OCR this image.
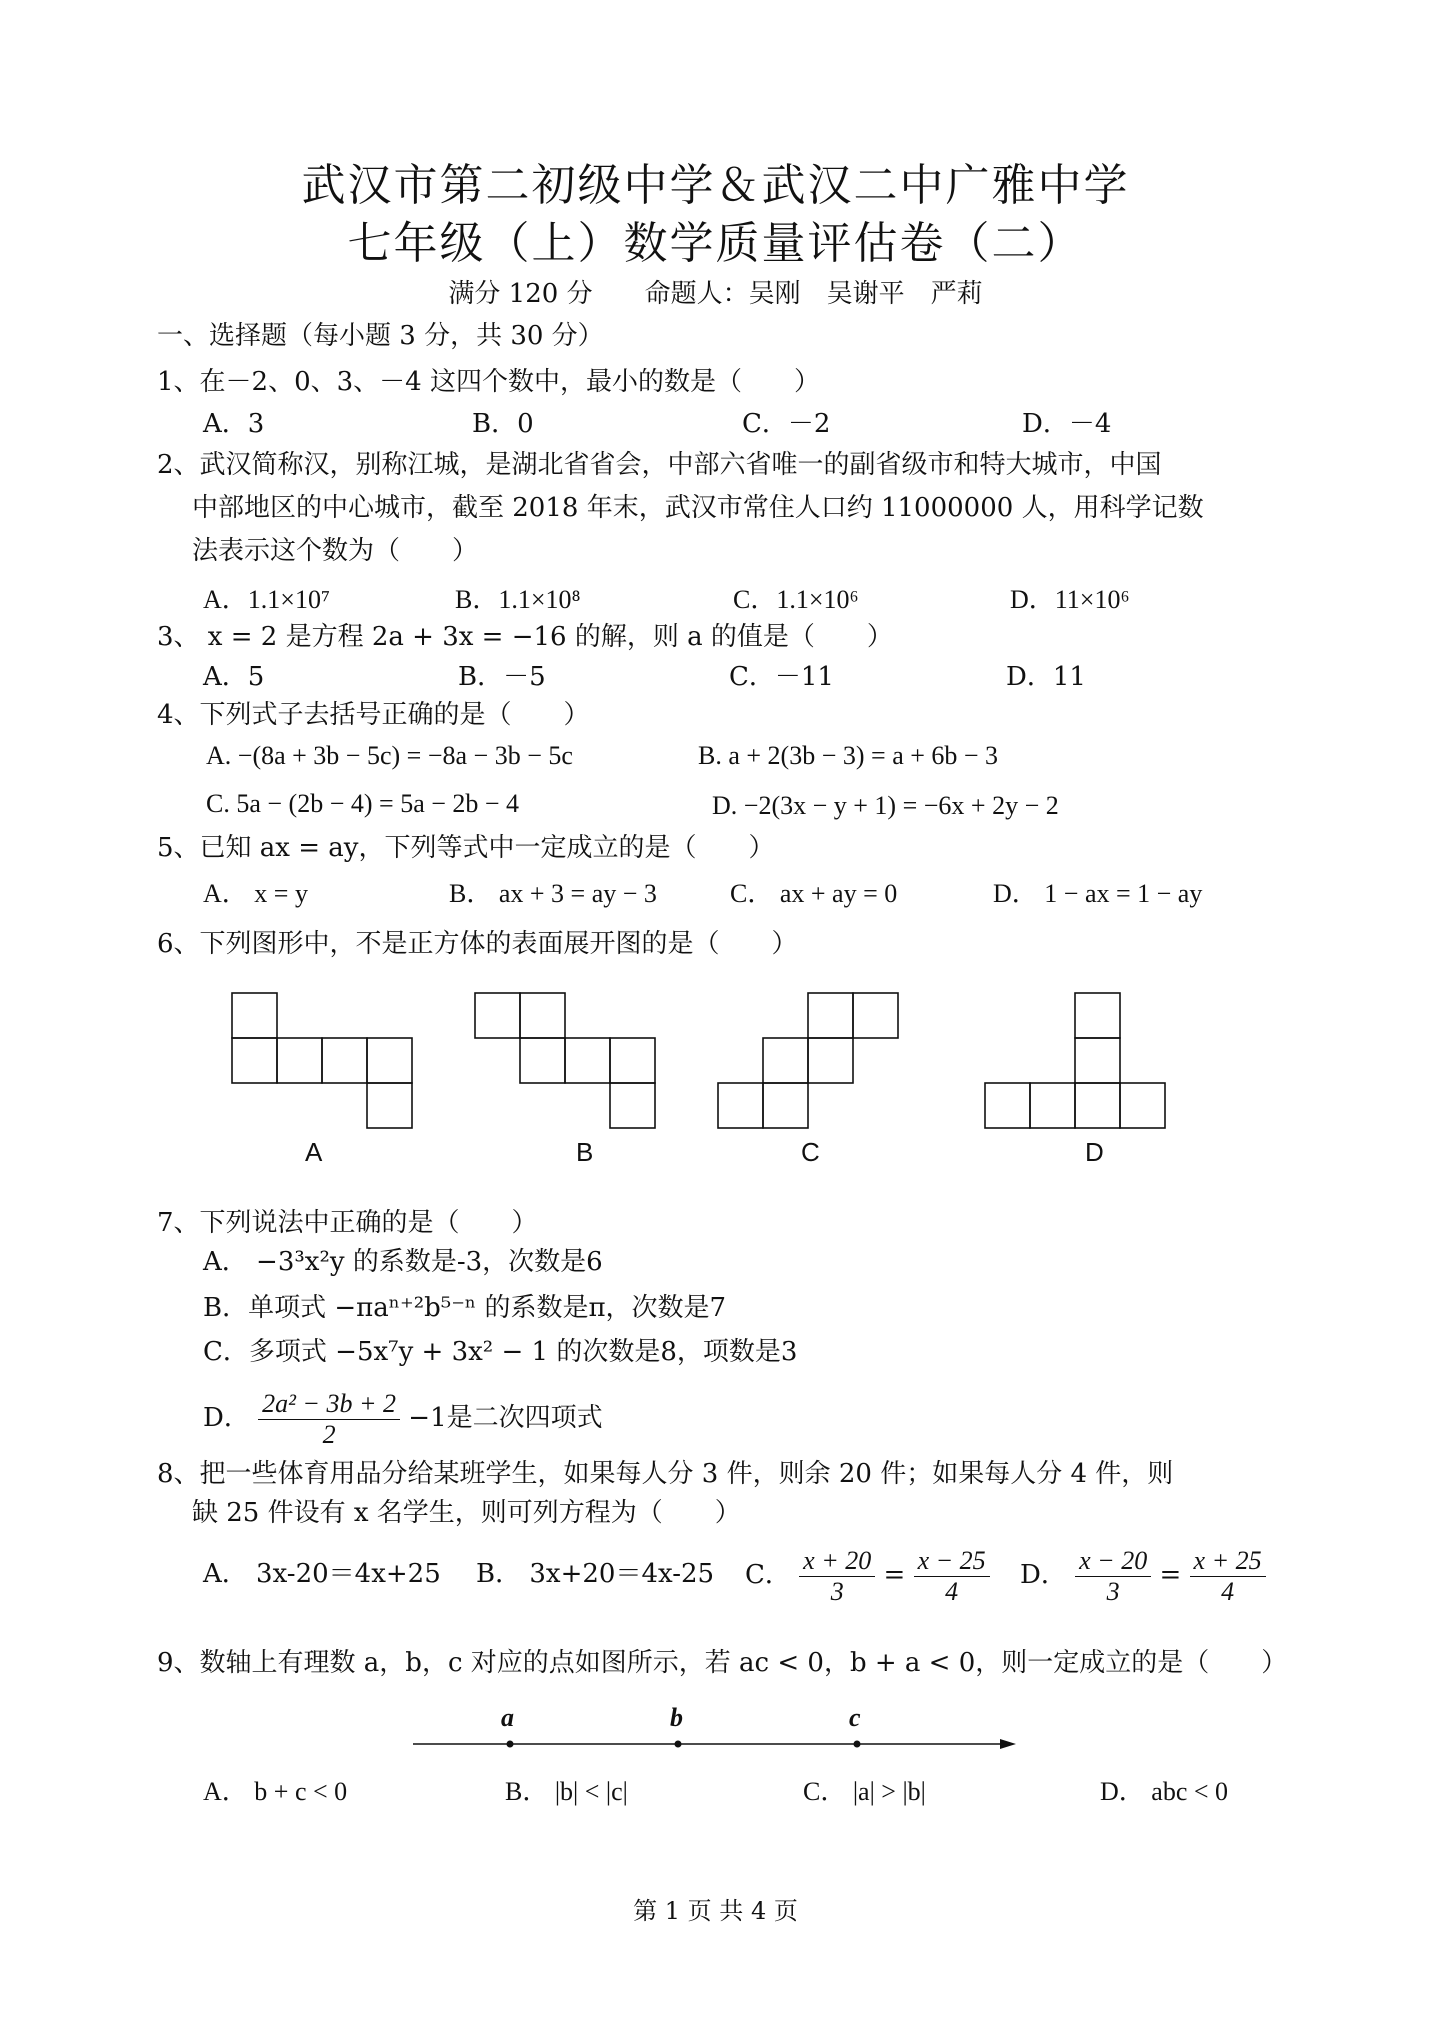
武汉市第二初级中学＆武汉二中广雅中学
七年级（上）数学质量评估卷（二）
满分 120 分　　命题人：吴刚　吴谢平　严莉
一、选择题（每小题 3 分，共 30 分）
1、在－2、0、3、－4 这四个数中，最小的数是（　　）
A．3	B．0	C．－2	D．－4
2、武汉简称汉，别称江城，是湖北省省会，中部六省唯一的副省级市和特大城市，中国
中部地区的中心城市，截至 2018 年末，武汉市常住人口约 11000000 人，用科学记数
法表示这个数为（　　）
A．1.1×10⁷	B．1.1×10⁸	C．1.1×10⁶	D．11×10⁶
3、 x = 2 是方程 2a + 3x = −16 的解，则 a 的值是（　　）
A．5	B．－5	C．－11	D．11
4、下列式子去括号正确的是（　　）
A. −(8a + 3b − 5c) = −8a − 3b − 5c	B. a + 2(3b − 3) = a + 6b − 3
C. 5a − (2b − 4) = 5a − 2b − 4	D. −2(3x − y + 1) = −6x + 2y − 2
5、已知 ax = ay，下列等式中一定成立的是（　　）
A． x = y	B． ax + 3 = ay − 3	C． ax + ay = 0	D． 1 − ax = 1 − ay
6、下列图形中，不是正方体的表面展开图的是（　　）
A	B	C	D
7、下列说法中正确的是（　　）
A． −3³x²y 的系数是-3，次数是6
B．单项式 −πaⁿ⁺²b⁵⁻ⁿ 的系数是π，次数是7
C．多项式 −5x⁷y + 3x² − 1 的次数是8，项数是3
D． $\frac{\text{2a² − 3b + 2}}{2} -1$是二次四项式
8、把一些体育用品分给某班学生，如果每人分 3 件，则余 20 件；如果每人分 4 件，则
缺 25 件设有 x 名学生，则可列方程为（　　）
A． 3x-20＝4x+25 B． 3x+20＝4x-25 C． $\frac{x + 20}{3} = \frac{x - 25}{4}$ D． $\frac{x - 20}{3} = \frac{x + 25}{4}$
9、数轴上有理数 a，b，c 对应的点如图所示，若 ac < 0，b + a < 0，则一定成立的是（　　）
a	b	c
A． b + c < 0	B． |b| < |c|	C． |a| > |b|	D． abc < 0
第 1 页 共 4 页
